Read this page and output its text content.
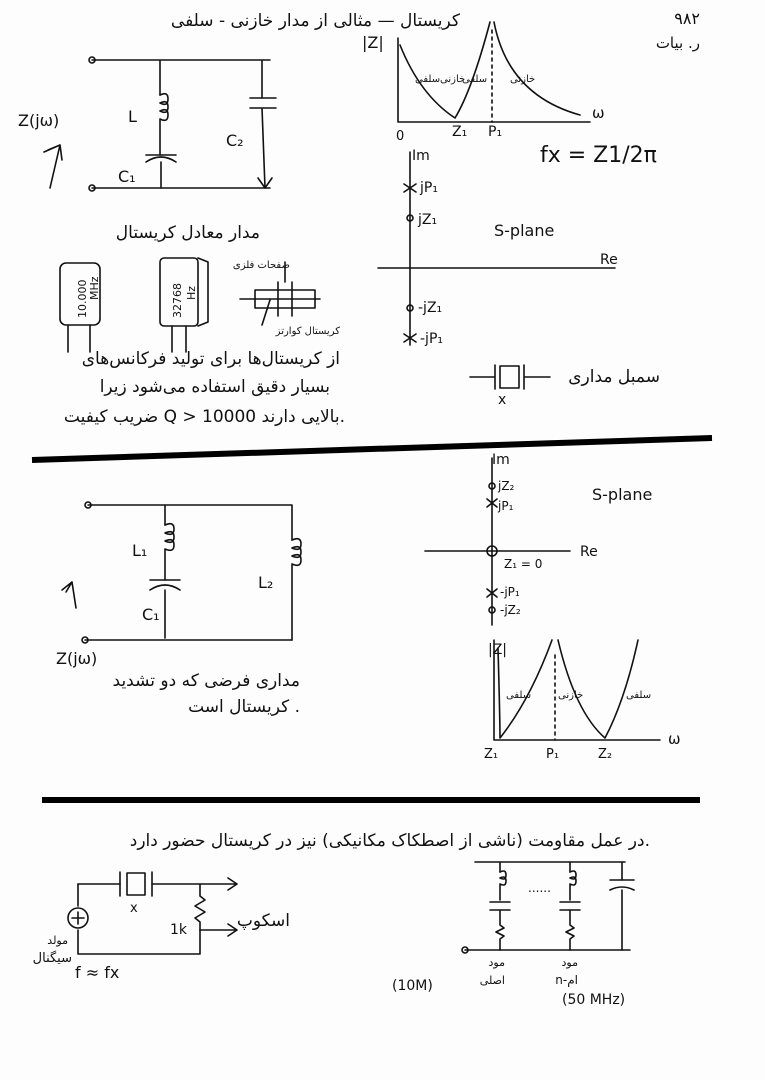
کریستال — مثالی از مدار خازنی - سلفی	۹۸۲
ر. بیات
Z(jω)	L
C₁
C₂
مدار معادل کریستال
10.000 MHz	32768 Hz
صفحات فلزی
کریستال کوارتز
از کریستال‌ها برای تولید فرکانس‌های
بسیار دقیق استفاده می‌شود زیرا
ضریب کیفیت Q > 10000 بالایی دارند.
|Z|
ω
0	Z₁ P₁
سلفی خازنی
سلفی خازنی
fx = Z1/2π
Im
Re
S-plane
jP₁
jZ₁
-jZ₁
-jP₁
x
سمبل مداری
L₁
L₂
C₁
Z(jω)
مداری فرضی که دو تشدید
کریستال است .
Im
Re
S-plane
jZ₂
jP₁
Z₁ = 0
-jP₁
-jZ₂
|Z|
ω
Z₁	P₁	Z₂
سلفی	خازنی	سلفی
در عمل مقاومت (ناشی از اصطکاک مکانیکی) نیز در کریستال حضور دارد.
x
1k	اسکوپ
مولد
سیگنال
f ≈ fx
......
مود
اصلی
(10M)
مود
n-ام
(50 MHz)
